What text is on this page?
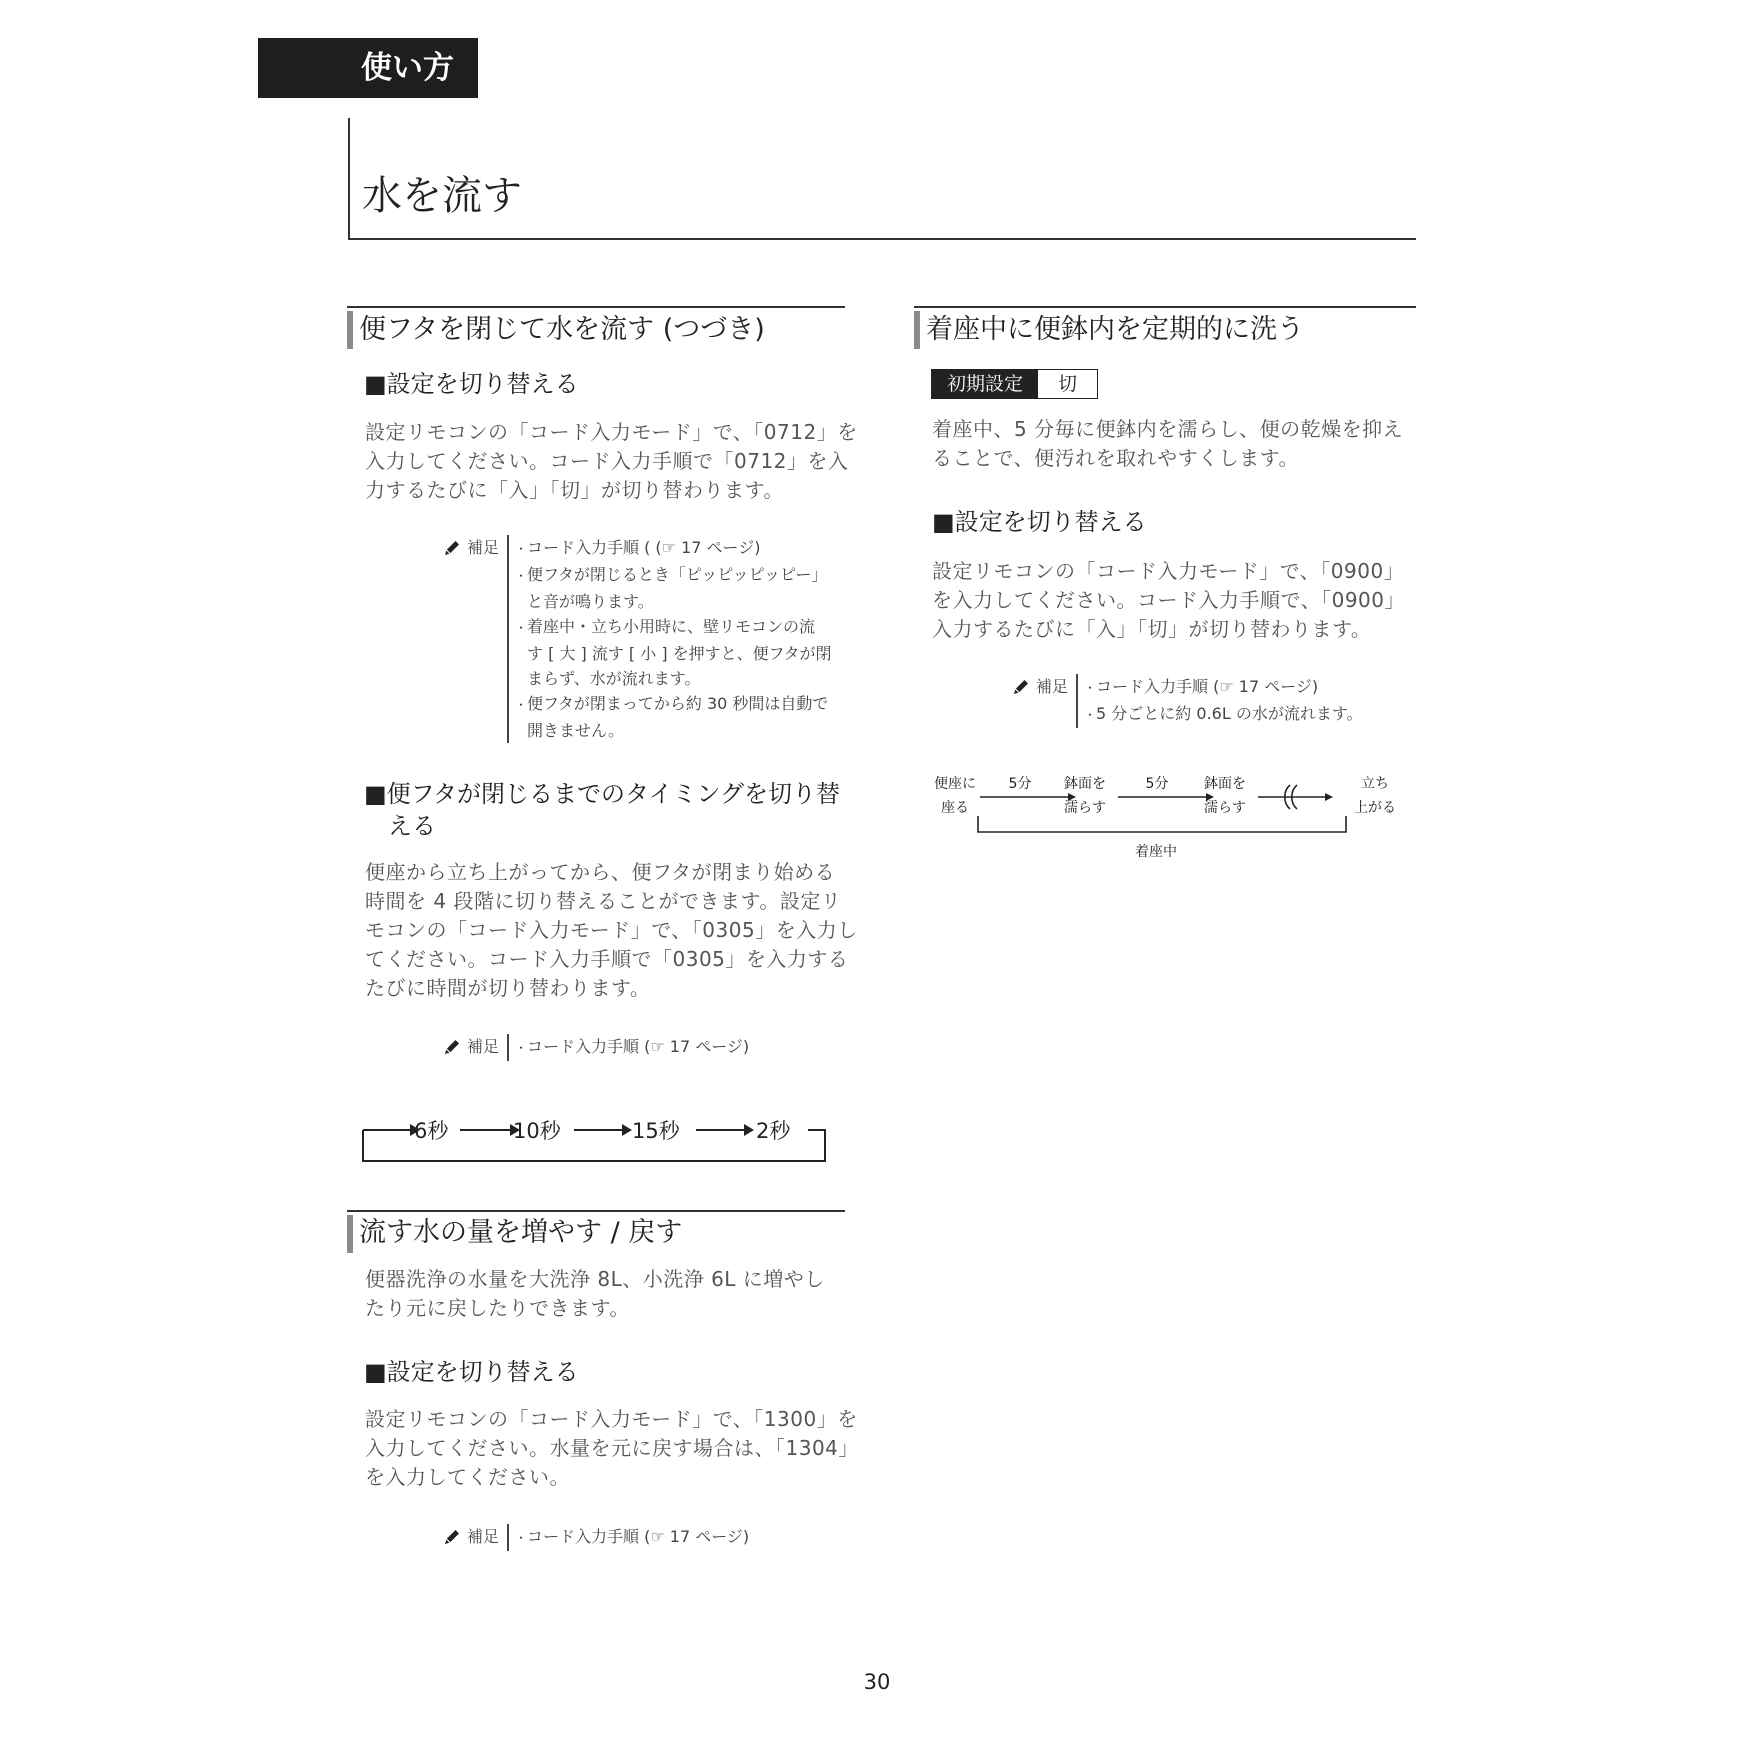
使い方
水を流す
便フタを閉じて水を流す (つづき)
■設定を切り替える
設定リモコンの「コード入力モード」で、「0712」を
入力してください。コード入力手順で「0712」を入
力するたびに「入」「切」が切り替わります。
補足	・ コード入力手順 ( (☞ 17 ページ)
・ 便フタが閉じるとき「ピッピッピッピー」
と音が鳴ります。
・ 着座中・立ち小用時に、壁リモコンの流
す [ 大 ] 流す [ 小 ] を押すと、便フタが閉
まらず、水が流れます。
・ 便フタが閉まってから約 30 秒間は自動で
開きません。
■便フタが閉じるまでのタイミングを切り替
える
便座から立ち上がってから、便フタが閉まり始める
時間を 4 段階に切り替えることができます。設定リ
モコンの「コード入力モード」で、「0305」を入力し
てください。コード入力手順で「0305」を入力する
たびに時間が切り替わります。
補足	・ コード入力手順 (☞ 17 ページ)
6秒	10秒	15秒	2秒
流す水の量を増やす / 戻す
便器洗浄の水量を大洗浄 8L、小洗浄 6L に増やし
たり元に戻したりできます。
■設定を切り替える
設定リモコンの「コード入力モード」で、「1300」を
入力してください。水量を元に戻す場合は、「1304」
を入力してください。
補足	・ コード入力手順 (☞ 17 ページ)
着座中に便鉢内を定期的に洗う
初期設定	切
着座中、5 分毎に便鉢内を濡らし、便の乾燥を抑え
ることで、便汚れを取れやすくします。
■設定を切り替える
設定リモコンの「コード入力モード」で、「0900」
を入力してください。コード入力手順で、「0900」
入力するたびに「入」「切」が切り替わります。
補足	・ コード入力手順 (☞ 17 ページ)
・ 5 分ごとに約 0.6L の水が流れます。
便座に
座る
5分	鉢面を
濡らす
5分	鉢面を
濡らす
立ち
上がる
着座中
30
